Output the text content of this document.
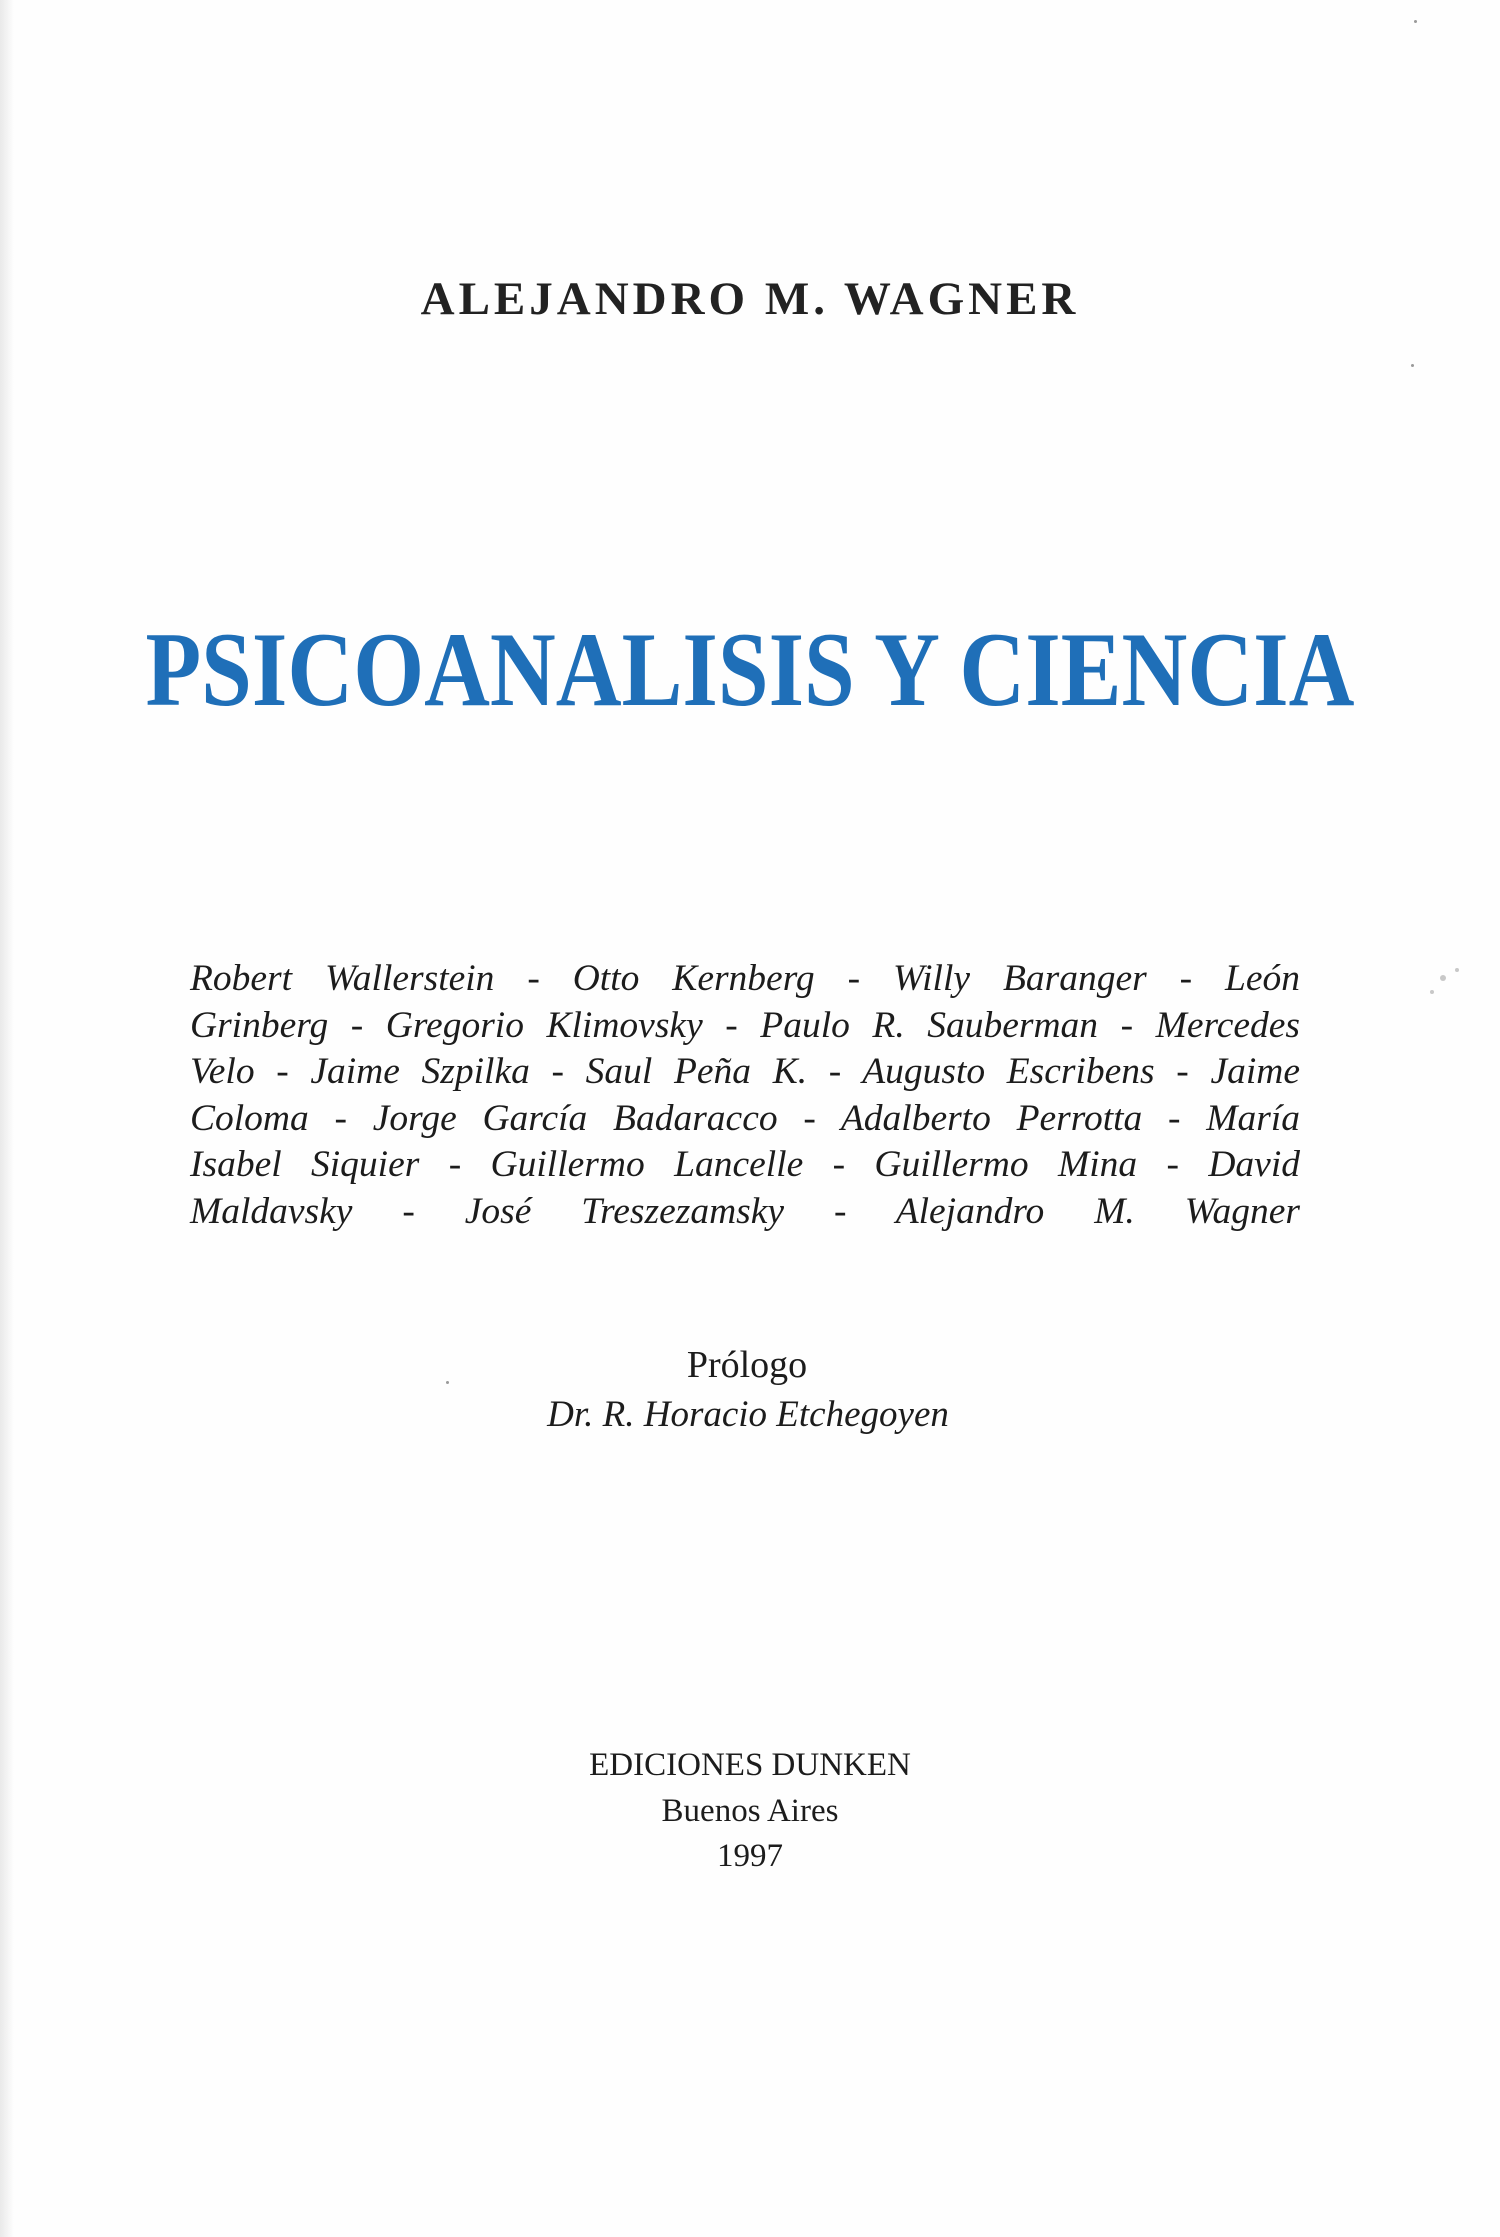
ALEJANDRO M. WAGNER
PSICOANALISIS Y CIENCIA

Robert Wallerstein - Otto Kernberg - Willy Baranger - León
Grinberg - Gregorio Klimovsky - Paulo R. Sauberman - Mercedes
Velo - Jaime Szpilka - Saul Peña K. - Augusto Escribens - Jaime
Coloma - Jorge García Badaracco - Adalberto Perrotta - María
Isabel Siquier - Guillermo Lancelle - Guillermo Mina - David
Maldavsky - José Treszezamsky - Alejandro M. Wagner

Prólogo

Dr. R. Horacio Etchegoyen

EDICIONES DUNKEN

Buenos Aires

1997
